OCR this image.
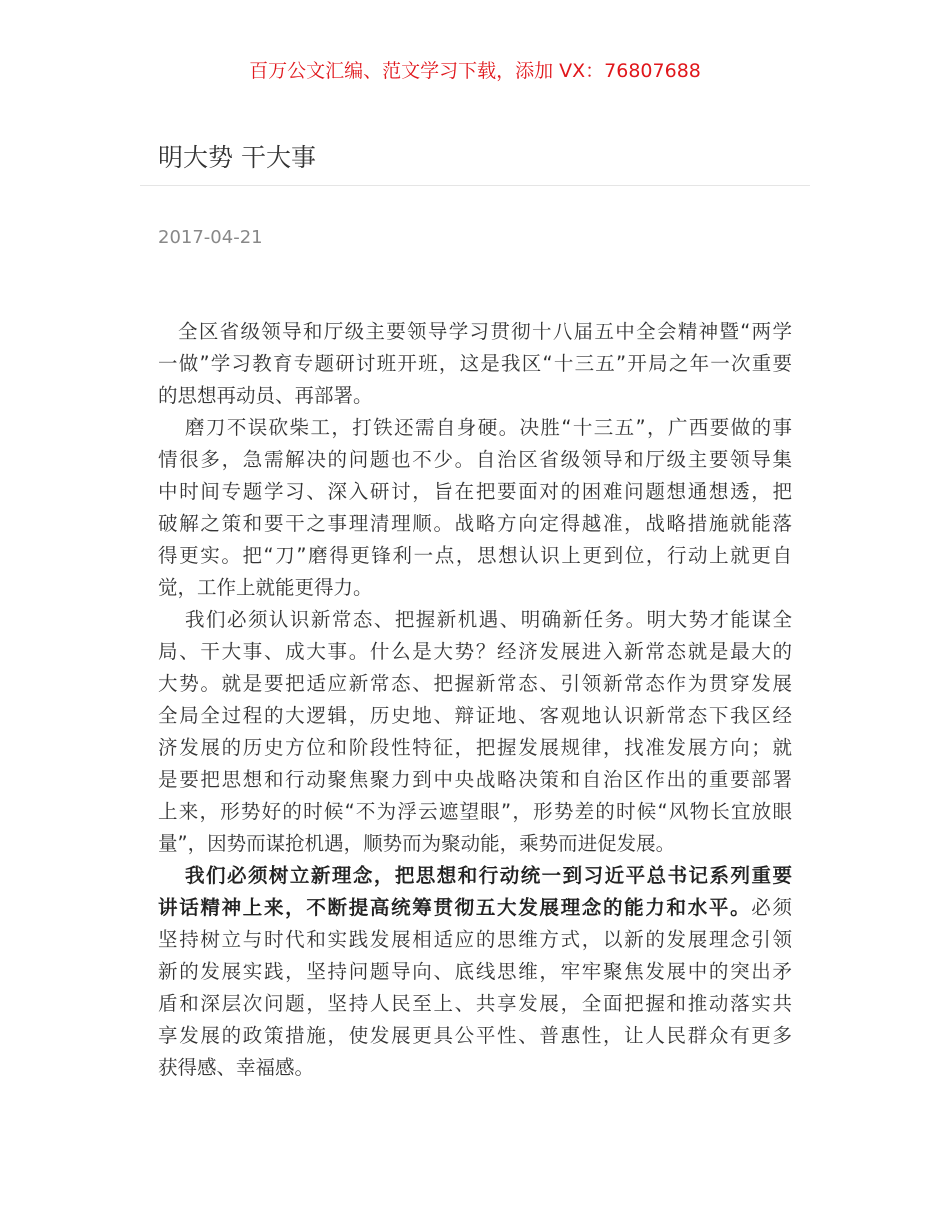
百万公文汇编、范文学习下载，添加 VX：76807688
明大势 干大事
2017-04-21
全区省级领导和厅级主要领导学习贯彻十八届五中全会精神暨“两学
一做”学习教育专题研讨班开班，这是我区“十三五”开局之年一次重要
的思想再动员、再部署。
磨刀不误砍柴工，打铁还需自身硬。决胜“十三五”，广西要做的事
情很多，急需解决的问题也不少。自治区省级领导和厅级主要领导集
中时间专题学习、深入研讨，旨在把要面对的困难问题想通想透，把
破解之策和要干之事理清理顺。战略方向定得越准，战略措施就能落
得更实。把“刀”磨得更锋利一点，思想认识上更到位，行动上就更自
觉，工作上就能更得力。
我们必须认识新常态、把握新机遇、明确新任务。明大势才能谋全
局、干大事、成大事。什么是大势？经济发展进入新常态就是最大的
大势。就是要把适应新常态、把握新常态、引领新常态作为贯穿发展
全局全过程的大逻辑，历史地、辩证地、客观地认识新常态下我区经
济发展的历史方位和阶段性特征，把握发展规律，找准发展方向；就
是要把思想和行动聚焦聚力到中央战略决策和自治区作出的重要部署
上来，形势好的时候“不为浮云遮望眼”，形势差的时候“风物长宜放眼
量”，因势而谋抢机遇，顺势而为聚动能，乘势而进促发展。
我们必须树立新理念，把思想和行动统一到习近平总书记系列重要
讲话精神上来，不断提高统筹贯彻五大发展理念的能力和水平。必须
坚持树立与时代和实践发展相适应的思维方式，以新的发展理念引领
新的发展实践，坚持问题导向、底线思维，牢牢聚焦发展中的突出矛
盾和深层次问题，坚持人民至上、共享发展，全面把握和推动落实共
享发展的政策措施，使发展更具公平性、普惠性，让人民群众有更多
获得感、幸福感。
